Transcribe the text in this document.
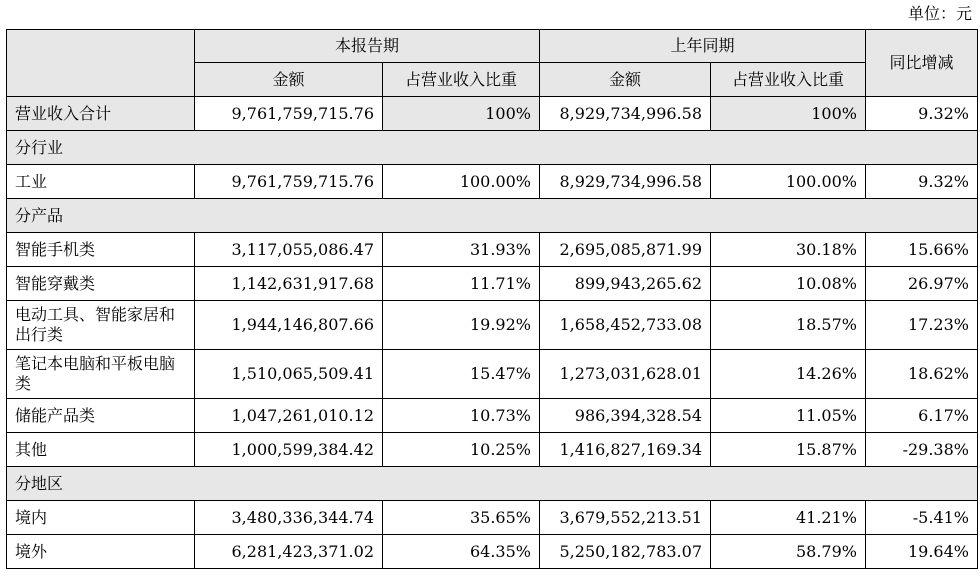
单位：元
	本报告期		上年同期		同比增减
	金额	占营业收入比重	金额	占营业收入比重	
营业收入合计	9,761,759,715.76	100%	8,929,734,996.58	100%	9.32%
分行业					
工业	9,761,759,715.76	100.00%	8,929,734,996.58	100.00%	9.32%
分产品					
智能手机类	3,117,055,086.47	31.93%	2,695,085,871.99	30.18%	15.66%
智能穿戴类	1,142,631,917.68	11.71%	899,943,265.62	10.08%	26.97%
电动工具、智能家居和出行类	1,944,146,807.66	19.92%	1,658,452,733.08	18.57%	17.23%
笔记本电脑和平板电脑类	1,510,065,509.41	15.47%	1,273,031,628.01	14.26%	18.62%
储能产品类	1,047,261,010.12	10.73%	986,394,328.54	11.05%	6.17%
其他	1,000,599,384.42	10.25%	1,416,827,169.34	15.87%	-29.38%
分地区					
境内	3,480,336,344.74	35.65%	3,679,552,213.51	41.21%	-5.41%
境外	6,281,423,371.02	64.35%	5,250,182,783.07	58.79%	19.64%
